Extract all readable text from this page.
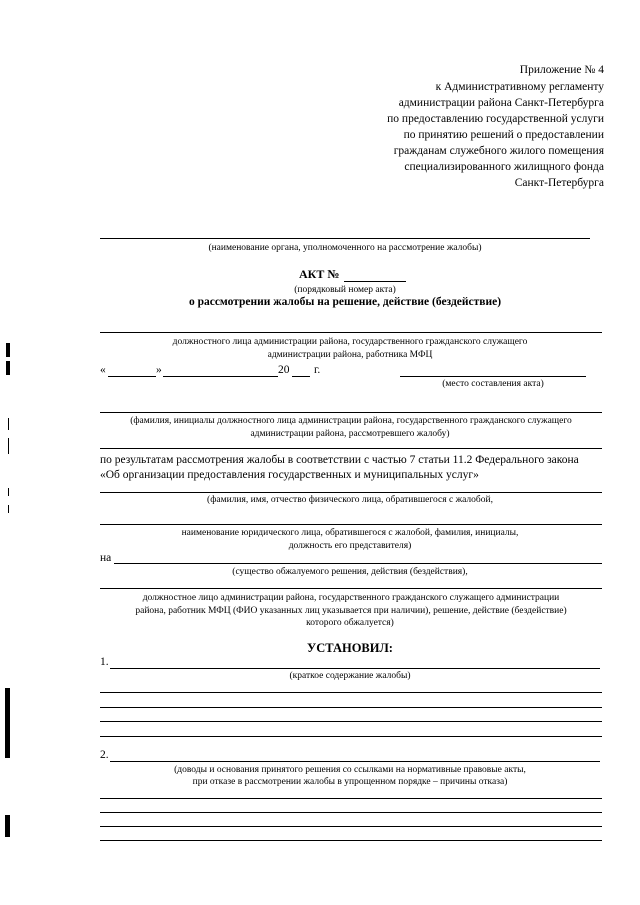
Приложение № 4
к Административному регламенту
администрации района Санкт-Петербурга
по предоставлению государственной услуги
по принятию решений о предоставлении
гражданам служебного жилого помещения
специализированного жилищного фонда
Санкт-Петербурга
(наименование органа, уполномоченного на рассмотрение жалобы)
АКТ №
(порядковый номер акта)
о рассмотрении жалобы на решение, действие (бездействие)
должностного лица администрации района, государственного гражданского служащего
администрации района, работника МФЦ
«	»	20 г.
(место составления акта)
(фамилия, инициалы должностного лица администрации района, государственного гражданского служащего
администрации района, рассмотревшего жалобу)
по результатам рассмотрения жалобы в соответствии с частью 7 статьи 11.2 Федерального закона
«Об организации предоставления государственных и муниципальных услуг»
(фамилия, имя, отчество физического лица, обратившегося с жалобой,
наименование юридического лица, обратившегося с жалобой, фамилия, инициалы,
должность его представителя)
на
(существо обжалуемого решения, действия (бездействия),
должностное лицо администрации района, государственного гражданского служащего администрации
района, работник МФЦ (ФИО указанных лиц указывается при наличии), решение, действие (бездействие)
которого обжалуется)
УСТАНОВИЛ:
1.
(краткое содержание жалобы)
2.
(доводы и основания принятого решения со ссылками на нормативные правовые акты,
при отказе в рассмотрении жалобы в упрощенном порядке – причины отказа)
